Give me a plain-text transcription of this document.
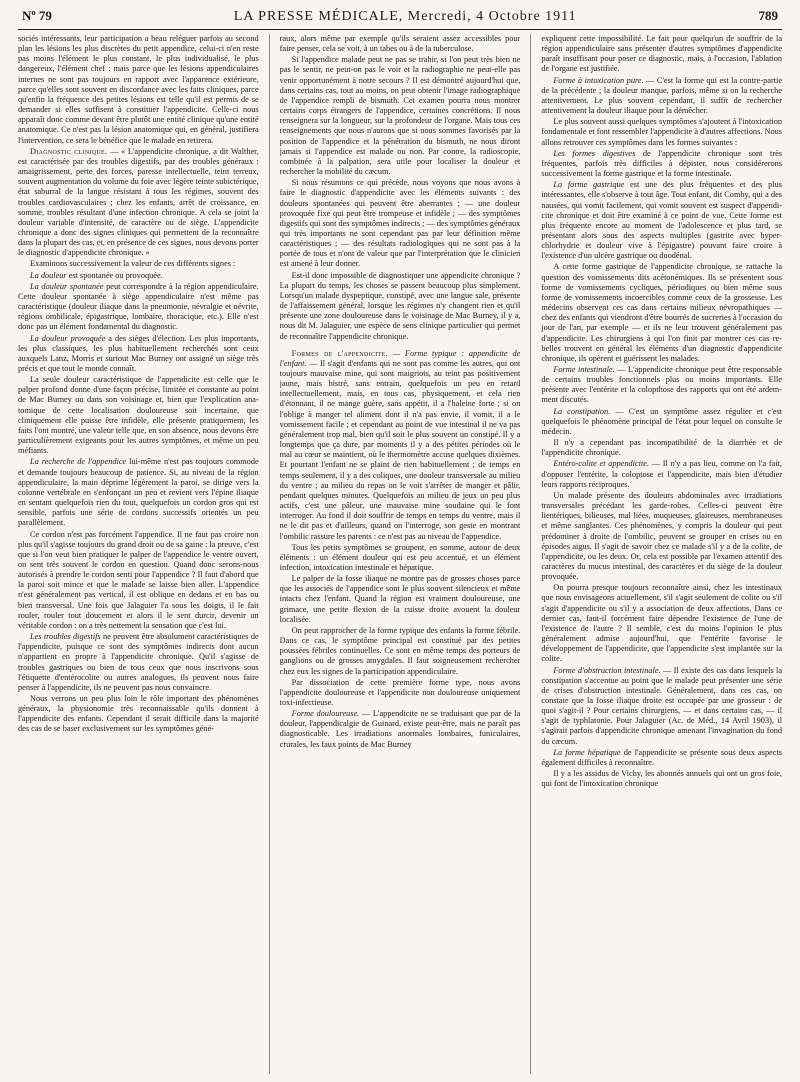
Nº 79	LA PRESSE MÉDICALE, Mercredi, 4 Octobre 1911	789

sociés intéressants, leur participation a beau reléguer parfois au second plan les lésions les plus discrètes du petit appendice, celui-ci n'en reste pas moins l'élément le plus constant, le plus individualisé, le plus dangereux, l'élément chef : mais parce que les lésions appendiculaires internes ne sont pas toujours en rapport avec l'apparence extérieure, parce qu'elles sont souvent en discordance avec les faits cliniques, parce qu'enfin la fréquence des petites lésions est telle qu'il est permis de se demander si elles suffisent à constituer l'appendicite. Celle-ci nous apparaît donc comme devant être plutôt une entité clinique qu'une entité anatomique. Ce n'est pas la lésion anatomique qui, en général, justifiera l'intervention, ce sera le bénéfice que le malade en retirera.

Diagnostic clinique. — « L'appendicite chronique, a dit Walther, est caractérisée par des troubles digestifs, par des troubles généraux : amaigrissement, perte des forces, paresse intellectuelle, teint terreux, souvent augmentation du volume du foie avec légère teinte subictérique, état saburral de la langue résistant à tous les régimes, souvent des troubles cardiovasculaires ; chez les enfants, arrêt de croissance, en somme, troubles résultant d'une infection chronique. A cela se joint la douleur variable d'intensité, de caractère ou de siège. L'appendicite chronique a donc des signes cliniques qui permettent de la reconnaître dans la plupart des cas, et, en présence de ces signes, nous devons porter le diagnostic d'appendicite chronique. »

Examinons successivement la valeur de ces différents signes :

La douleur est spontanée ou provoquée.

La douleur spontanée peut correspondre à la région appendiculaire. Cette douleur spontanée à siège appendiculaire n'est même pas caractéristique (douleur iliaque dans la pneumonie, névralgie et névrite, régions ombilicale, épigastrique, lombaire, thoracique, etc.). Elle n'est donc pas un élément fondamental du diagnostic.

La douleur provoquée a des sièges d'élection. Les plus importants, les plus classiques, les plus habituellement recherchés sont ceux auxquels Lanz, Morris et surtout Mac Burney ont assigné un siège très précis et que tout le monde connaît.

La seule douleur caractéristique de l'appendicite est celle que le palper profond donne d'une façon précise, limitée et constante au point de Mac Burney ou dans son voisinage et, bien que l'explication anatomique de cette localisation douloureuse soit incertaine, que cliniquement elle puisse être infidèle, elle présente pratiquement, les faits l'ont montré, une valeur telle que, en son absence, nous devons être particulièrement exigeants pour les autres symptômes, et même un peu méfiants.

La recherche de l'appendice lui-même n'est pas toujours commode et demande toujours beaucoup de patience. Si, au niveau de la région appendiculaire, la main déprime légèrement la paroi, se dirige vers la colonne vertébrale en s'enfonçant un peu et revient vers l'épine iliaque en sentant quelquefois rien du tout, quelquefois un cordon gros qui est sensible, parfois une série de cordons successifs orientés un peu parallèlement.

Ce cordon n'est pas forcément l'appendice. Il ne faut pas croire non plus qu'il s'agisse toujours du grand droit ou de sa gaine : la preuve, c'est que si l'on veut bien pratiquer le palper de l'appendice le ventre ouvert, on sent très souvent le cordon en question. Quand donc serons-nous autorisés à prendre le cordon senti pour l'appendice ? Il faut d'abord que la paroi soit mince et que le malade se laisse bien aller. L'appendice n'est généralement pas vertical, il est oblique en dedans et en bas ou bien transversal. Une fois que Jalaguier l'a sous les doigts, il le fait rouler, rouler tout doucement et alors il le sent durcir, devenir un véritable cordon : on a très nettement la sensation que c'est lui.

Les troubles digestifs ne peuvent être absolument caractéristiques de l'appendicite, puisque ce sont des symptômes indirects dont aucun n'appartient en propre à l'appendicite chronique. Qu'il s'agisse de troubles gastriques ou bien de tous ceux que nous inscrivons sous l'étiquette d'entérocolite ou autres analogues, ils peuvent nous faire penser à l'appendicite, ils ne peuvent pas nous convaincre.

Nous verrons un peu plus loin le rôle important des phénomènes généraux, la physionomie très reconnaissable qu'ils donnent à l'appendicite des enfants. Cependant il serait difficile dans la majorité des cas de se baser exclusivement sur les symptômes géné-

raux, alors même par exemple qu'ils seraient assez accessibles pour faire penser, cela se voit, à un tabes ou à de la tuberculose.

Si l'appendice malade peut ne pas se trahir, si l'on peut très bien ne pas le sentir, ne peut-on pas le voir et la radiographie ne peut-elle pas venir opportunément à notre secours ? Il est démontré aujourd'hui que, dans certains cas, tout au moins, on peut obtenir l'image radiographique de l'appendice rempli de bismuth. Cet examen pourra nous montrer certains corps étrangers de l'appendice, certaines concrétions. Il nous renseignera sur la longueur, sur la profondeur de l'organe. Mais tous ces renseignements que nous n'aurons que si nous sommes favorisés par la position de l'appendice et la pénétration du bismuth, ne nous diront jamais si l'appendice est malade ou non. Par contre, la radioscopie, combinée à la palpation, sera utile pour localiser la douleur et rechercher la mobilité du cæcum.

Si nous résumons ce qui précède, nous voyons que nous avons à faire le diagnostic d'appendicite avec les éléments suivants : des douleurs spontanées qui peuvent être aberrantes ; — une douleur provoquée fixe qui peut être trompeuse et infidèle ; — des symptômes digestifs qui sont des symptômes indirects ; — des symptômes généraux qui très importants ne sont cependant pas par leur définition même caractéristiques ; — des résultats radiologiques qui ne sont pas à la portée de tous et n'ont de valeur que par l'interprétation que le clinicien est amené à leur donner.

Est-il donc impossible de diagnostiquer une appendicite chronique ? La plupart du temps, les choses se passent beaucoup plus simplement. Lorsqu'un malade dyspeptique, constipé, avec une langue sale, présente de l'affaissement général, lorsque les régimes n'y changent rien et qu'il présente une zone douloureuse dans le voisinage de Mac Burney, il y a, nous dit M. Jalaguier, une espèce de sens clinique particulier qui permet de reconnaître l'appendicite chronique.

Formes de l'appendicite. — Forme typique : appendicite de l'enfant. — Il s'agit d'enfants qui ne sont pas comme les autres, qui ont toujours mauvaise mine, qui sont maigriots, au teint pas positivement jaune, mais bistré, sans entrain, quelquefois un peu en retard intellectuellement, mais, en tous cas, physiquement, et cela rien d'étonnant, il ne mange guère, sans appétit, il a l'haleine forte ; si on l'oblige à manger tel aliment dont il n'a pas envie, il vomit, il a le vomissement facile ; et cependant au point de vue intestinal il ne va pas généralement trop mal, bien qu'il soit le plus souvent un constipé. Il y a longtemps que ça dure, par moments il y a des pétites périodes où le mal au cœur se maintient, où le thermomètre accuse quelques dixièmes. Et pourtant l'enfant ne se plaint de rien habituellement ; de temps en temps seulement, il y a des coliques, une douleur transversale au milieu du ventre ; au milieu du repas on le voit s'arrêter de manger et pâlir, pendant quelques minutes. Quelquefois au milieu de jeux un peu plus actifs, c'est une pâleur, une mauvaise mine soudaine qui le font interroger. Au fond il doit souffrir de temps en temps du ventre, mais il ne le dit pas et d'ailleurs, quand on l'interroge, son geste en montrant l'ombilic rassure les parents : ce n'est pas au niveau de l'appendice.

Tous les petits symptômes se groupent, en somme, autour de deux éléments : un élément douleur qui est peu accentué, et un élément infection, intoxication intestinale et hépatique.

Le palper de la fosse iliaque ne montre pas de grosses choses parce que les associés de l'appendice sont le plus souvent silencieux et même intacts chez l'enfant. Quand la région est vraiment douloureuse, une grimace, une petite flexion de la cuisse droite avouent la douleur localisée.

On peut rapprocher de la forme typique des enfants la forme fébrile. Dans ce cas, le symptôme principal est constitué par des petites poussées fébriles continuelles. Ce sont en même temps des porteurs de ganglions ou de grosses amygdales. Il faut soigneusement rechercher chez eux les signes de la participation appendiculaire.

Par dissociation de cette première forme type, nous avons l'appendicite douloureuse et l'appendicite non douloureuse uniquement toxi-infectieuse.

Forme douloureuse. — L'appendicite ne se traduisant que par de la douleur, l'appendicalgie de Guinard, existe peut-être, mais ne paraît pas diagnosticable. Les irradiations anormales lombaires, funiculaires, crurales, les faux points de Mac Burney

expliquent cette impossibilité. Le fait pour quelqu'un de souffrir de la région appendiculaire sans présenter d'autres symptômes d'appendicite paraît insuffisant pour poser ce diagnostic, mais, à l'occasion, l'ablation de l'organe est justifiée.

Forme à intoxication pure. — C'est la forme qui est la contre-partie de la précédente ; la douleur manque, parfois, même si on la recherche attentivement. Le plus souvent cependant, il suffit de rechercher attentivement la douleur iliaque pour la démêcher.

Le plus souvent aussi quelques symptômes s'ajoutent à l'intoxication fondamentale et font ressembler l'appendicite à d'autres affections. Nous allons retrouver ces symptômes dans les formes suivantes :

Les formes digestives de l'appendicite chronique sont très fréquentes, parfois très difficiles à dépister, nous considérerons successivement la forme gastrique et la forme intestinale.

La forme gastrique est une des plus fréquentes et des plus intéressantes, elle s'observe à tout âge. Tout enfant, dit Comby, qui a des nausées, qui vomit facilement, qui vomit souvent est suspect d'appendicite chronique et doit être examiné à ce point de vue. Cette forme est plus fréquente encore au moment de l'adolescence et plus tard, se présentant alors sous des aspects multiples (gastrite avec hyperchlorhydrie et douleur vive à l'épigastre) pouvant faire croire à l'existence d'un ulcère gastrique ou duodénal.

A cette forme gastrique de l'appendicite chronique, se rattache la question des vomissements dits acétonémiques. Ils se présentent sous forme de vomissements cycliques, périodiques ou bien même sous forme de vomissements incoercibles comme ceux de la grossesse. Les médecins observent ces cas dans certains milieux névropathiques — chez des enfants qui viendront d'être bourrés de sucreries à l'occasion du jour de l'an, par exemple — et ils ne leur trouvent généralement pas d'appendicite. Les chirurgiens à qui l'on finit par montrer ces cas rebelles trouvent en général les éléments d'un diagnostic d'appendicite chronique, ils opèrent et guérissent les malades.

Forme intestinale. — L'appendicite chronique peut être responsable de certains troubles fonctionnels plus ou moins importants. Elle présente avec l'entérite et la colopthose des rapports qui ont été ardemment discutés.

La constipation. — C'est un symptôme assez régulier et c'est quelquefois le phénomène principal de l'état pour lequel on consulte le médecin.

Il n'y a cependant pas incompatibilité de la diarrhée et de l'appendicite chronique.

Entéro-colite et appendicite. — Il n'y a pas lieu, comme on l'a fait, d'opposer l'entérite, la coloptose et l'appendicite, mais bien d'étudier leurs rapports réciproques.

Un malade présente des douleurs abdominales avec irradiations transversales précédant les garde-robes. Celles-ci peuvent être lientériques, bilieuses, mal liées, muqueuses, glaireuses, membraneuses et même sanglantes. Ces phénomènes, y compris la douleur qui peut prédominer à droite de l'ombilic, peuvent se grouper en crises ou en épisodes aigus. Il s'agit de savoir chez ce malade s'il y a de la colite, de l'appendicite, ou les deux. Or, cela est possible par l'examen attentif des caractères du mucus intestinal, des caractères et du siège de la douleur provoquée.

On pourra presque toujours reconnaître ainsi, chez les intestinaux que nous envisageons actuellement, s'il s'agit seulement de colite ou s'il s'agit d'appendicite ou s'il y a association de deux affections. Dans ce dernier cas, faut-il forcément faire dépendre l'existence de l'une de l'existence de l'autre ? Il semble, c'est du moins l'opinion le plus généralement admise aujourd'hui, que l'entérite favorise le développement de l'appendicite, que l'appendicite s'est implantée sur la colite.

Forme d'obstruction intestinale. — Il existe des cas dans lesquels la constipation s'accentue au point que le malade peut présenter une série de crises d'obstruction intestinale. Généralement, dans ces cas, on constate que la fosse iliaque droite est occupée par une grosseur : de quoi s'agit-il ? Pour certains chirurgiens, — et dans certains cas, — il s'agit de typhlatonie. Pour Jalaguier (Ac. de Méd., 14 Avril 1903), il s'agirait parfois d'appendicite chronique amenant l'invagination du fond du cæcum.

La forme hépatique de l'appendicite se présente sous deux aspects également difficiles à reconnaître.

Il y a les assidus de Vichy, les abonnés annuels qui ont un gros foie, qui font de l'intoxication chronique
